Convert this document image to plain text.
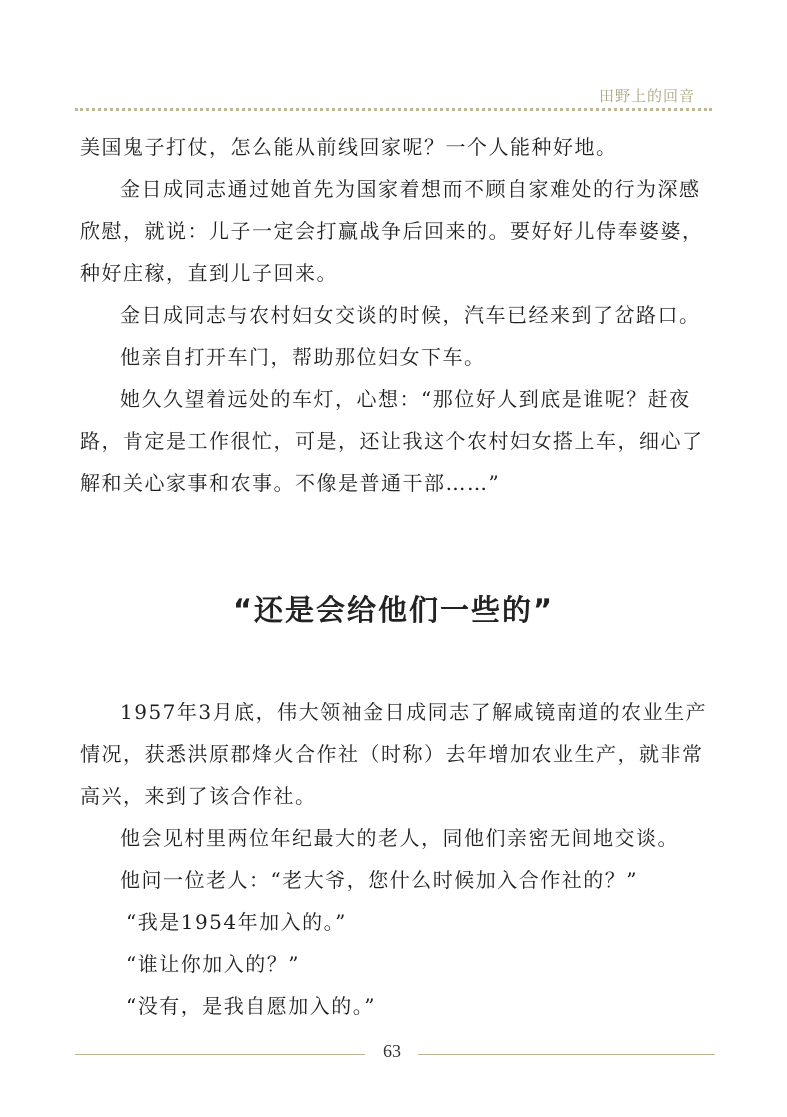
田野上的回音

美国鬼子打仗，怎么能从前线回家呢？一个人能种好地。

金日成同志通过她首先为国家着想而不顾自家难处的行为深感

欣慰，就说：儿子一定会打赢战争后回来的。要好好儿侍奉婆婆，

种好庄稼，直到儿子回来。

金日成同志与农村妇女交谈的时候，汽车已经来到了岔路口。

他亲自打开车门，帮助那位妇女下车。

她久久望着远处的车灯，心想：“那位好人到底是谁呢？赶夜

路，肯定是工作很忙，可是，还让我这个农村妇女搭上车，细心了

解和关心家事和农事。不像是普通干部……”

“还是会给他们一些的”

1957年3月底，伟大领袖金日成同志了解咸镜南道的农业生产

情况，获悉洪原郡烽火合作社（时称）去年增加农业生产，就非常

高兴，来到了该合作社。

他会见村里两位年纪最大的老人，同他们亲密无间地交谈。

他问一位老人：“老大爷，您什么时候加入合作社的？”

“我是1954年加入的。”

“谁让你加入的？”

“没有，是我自愿加入的。”

63
